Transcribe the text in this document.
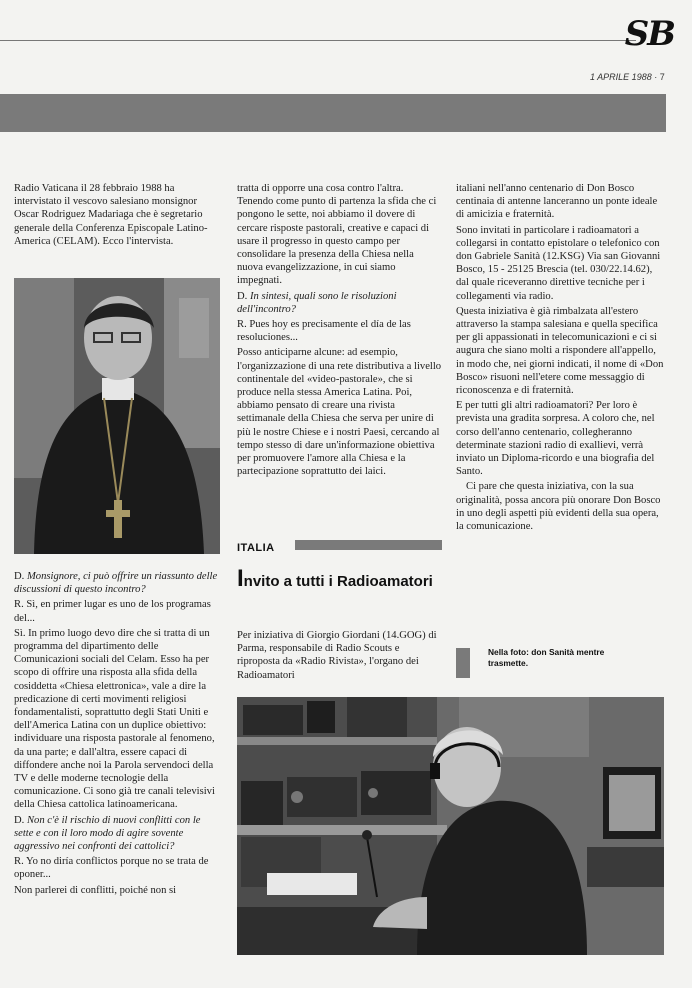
SB
1 APRILE 1988 · 7

Radio Vaticana il 28 febbraio 1988 ha intervistato il vescovo salesiano monsignor Oscar Rodriguez Madariaga che è segretario generale della Conferenza Episcopale Latino-America (CELAM). Ecco l'intervista.

D. Monsignore, ci può offrire un riassunto delle discussioni di questo incontro?

R. Sì, en primer lugar es uno de los programas del...

Sì. In primo luogo devo dire che si tratta di un programma del dipartimento delle Comunicazioni sociali del Celam. Esso ha per scopo di offrire una risposta alla sfida della cosiddetta «Chiesa elettronica», vale a dire la predicazione di certi movimenti religiosi fondamentalisti, soprattutto degli Stati Uniti e dell'America Latina con un duplice obiettivo: individuare una risposta pastorale al fenomeno, da una parte; e dall'altra, essere capaci di diffondere anche noi la Parola servendoci della TV e delle moderne tecnologie della comunicazione. Ci sono già tre canali televisivi della Chiesa cattolica latinoamericana.

D. Non c'è il rischio di nuovi conflitti con le sette e con il loro modo di agire sovente aggressivo nei confronti dei cattolici?

R. Yo no diría conflictos porque no se trata de oponer...

Non parlerei di conflitti, poiché non si

tratta di opporre una cosa contro l'altra. Tenendo come punto di partenza la sfida che ci pongono le sette, noi abbiamo il dovere di cercare risposte pastorali, creative e capaci di usare il progresso in questo campo per consolidare la presenza della Chiesa nella nuova evangelizzazione, in cui siamo impegnati.

D. In sintesi, quali sono le risoluzioni dell'incontro?

R. Pues hoy es precisamente el día de las resoluciones...

Posso anticiparne alcune: ad esempio, l'organizzazione di una rete distributiva a livello continentale del «video-pastorale», che si produce nella stessa America Latina. Poi, abbiamo pensato di creare una rivista settimanale della Chiesa che serva per unire di più le nostre Chiese e i nostri Paesi, cercando al tempo stesso di dare un'informazione obiettiva per promuovere l'amore alla Chiesa e la partecipazione soprattutto dei laici.

ITALIA
Invito a tutti i Radioamatori

Per iniziativa di Giorgio Giordani (14.GOG) di Parma, responsabile di Radio Scouts e riproposta da «Radio Rivista», l'organo dei Radioamatori

italiani nell'anno centenario di Don Bosco centinaia di antenne lanceranno un ponte ideale di amicizia e fraternità.

Sono invitati in particolare i radioamatori a collegarsi in contatto epistolare o telefonico con don Gabriele Sanità (12.KSG) Via san Giovanni Bosco, 15 - 25125 Brescia (tel. 030/22.14.62), dal quale riceveranno direttive tecniche per i collegamenti via radio.

Questa iniziativa è già rimbalzata all'estero attraverso la stampa salesiana e quella specifica per gli appassionati in telecomunicazioni e ci si augura che siano molti a rispondere all'appello, in modo che, nei giorni indicati, il nome di «Don Bosco» risuoni nell'etere come messaggio di riconoscenza e di fraternità.

E per tutti gli altri radioamatori? Per loro è prevista una gradita sorpresa. A coloro che, nel corso dell'anno centenario, collegheranno determinate stazioni radio di exallievi, verrà inviato un Diploma-ricordo e una biografia del Santo.

Ci pare che questa iniziativa, con la sua originalità, possa ancora più onorare Don Bosco in uno degli aspetti più evidenti della sua opera, la comunicazione.

Nella foto: don Sanità mentre trasmette.
